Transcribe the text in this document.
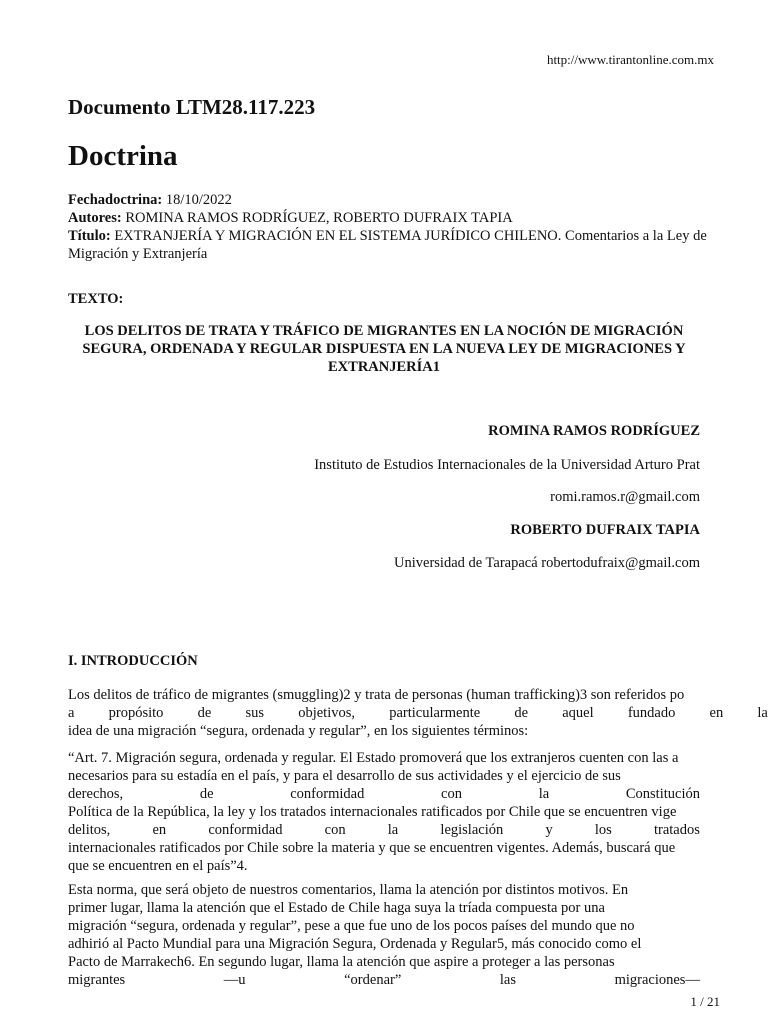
http://www.tirantonline.com.mx
Documento LTM28.117.223
Doctrina
Fechadoctrina: 18/10/2022
Autores: ROMINA RAMOS RODRÍGUEZ, ROBERTO DUFRAIX TAPIA
Título: EXTRANJERÍA Y MIGRACIÓN EN EL SISTEMA JURÍDICO CHILENO. Comentarios a la Ley de Migración y Extranjería
TEXTO:
LOS DELITOS DE TRATA Y TRÁFICO DE MIGRANTES EN LA NOCIÓN DE MIGRACIÓN SEGURA, ORDENADA Y REGULAR DISPUESTA EN LA NUEVA LEY DE MIGRACIONES Y EXTRANJERÍA1
ROMINA RAMOS RODRÍGUEZ
Instituto de Estudios Internacionales de la Universidad Arturo Prat
romi.ramos.r@gmail.com
ROBERTO DUFRAIX TAPIA
Universidad de Tarapacá robertodufraix@gmail.com
I. INTRODUCCIÓN
Los delitos de tráfico de migrantes (smuggling)2 y trata de personas (human trafficking)3 son referidos po
a propósito de sus objetivos, particularmente de aquel fundado en la
idea de una migración “segura, ordenada y regular”, en los siguientes términos:
“Art. 7. Migración segura, ordenada y regular. El Estado promoverá que los extranjeros cuenten con las a
necesarios para su estadía en el país, y para el desarrollo de sus actividades y el ejercicio de sus
derechos,	de	conformidad	con	la	Constitución
Política de la República, la ley y los tratados internacionales ratificados por Chile que se encuentren vige
delitos,	en	conformidad	con	la	legislación	y	los	tratados
internacionales ratificados por Chile sobre la materia y que se encuentren vigentes. Además, buscará que
que se encuentren en el país”4.
Esta norma, que será objeto de nuestros comentarios, llama la atención por distintos motivos. En
primer lugar, llama la atención que el Estado de Chile haga suya la tríada compuesta por una
migración “segura, ordenada y regular”, pese a que fue uno de los pocos países del mundo que no
adhirió al Pacto Mundial para una Migración Segura, Ordenada y Regular5, más conocido como el
Pacto de Marrakech6. En segundo lugar, llama la atención que aspire a proteger a las personas
migrantes	—u	“ordenar”	las	migraciones—
1 / 21
